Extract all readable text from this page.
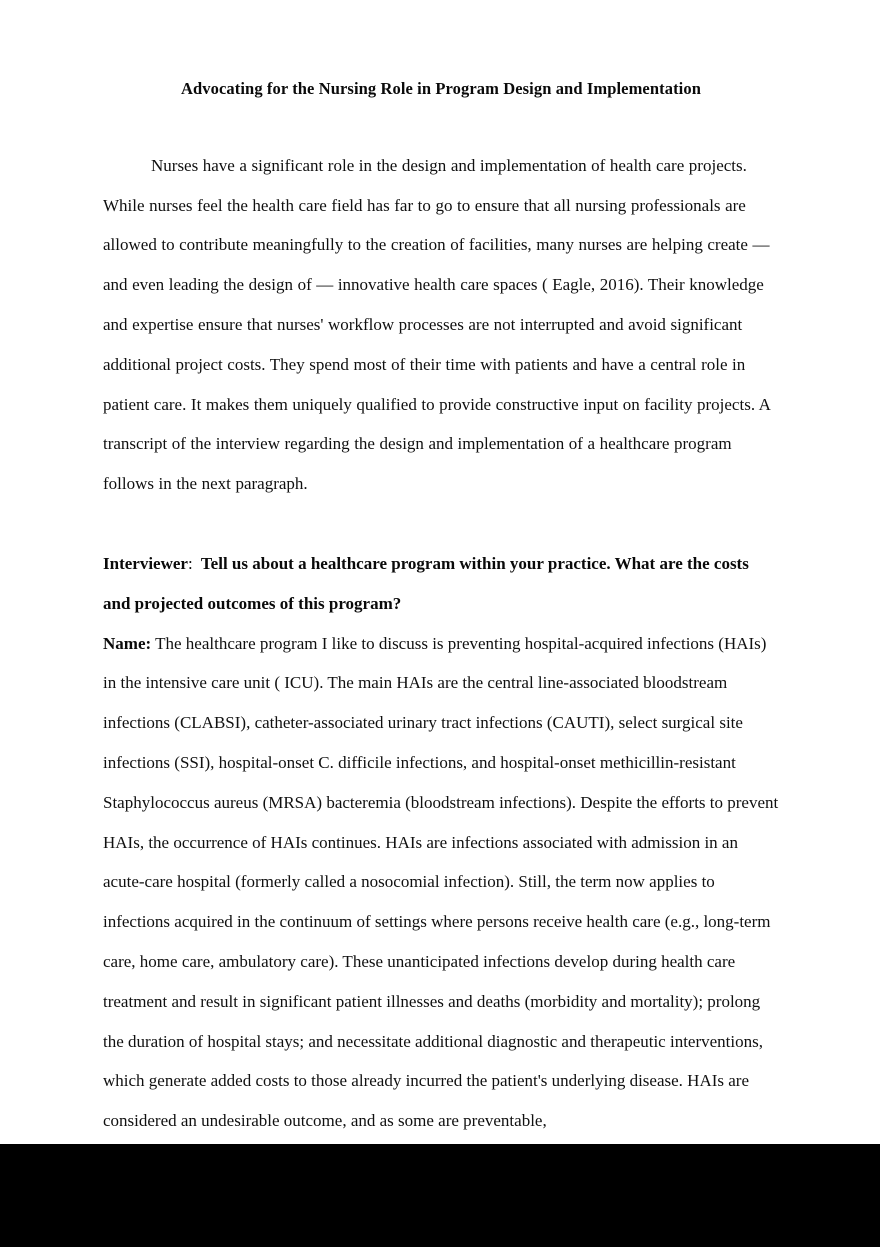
Advocating for the Nursing Role in Program Design and Implementation

Nurses have a significant role in the design and implementation of health care projects. While nurses feel the health care field has far to go to ensure that all nursing professionals are allowed to contribute meaningfully to the creation of facilities, many nurses are helping create — and even leading the design of — innovative health care spaces ( Eagle, 2016). Their knowledge and expertise ensure that nurses' workflow processes are not interrupted and avoid significant additional project costs. They spend most of their time with patients and have a central role in patient care. It makes them uniquely qualified to provide constructive input on facility projects. A transcript of the interview regarding the design and implementation of a healthcare program follows in the next paragraph.

Interviewer: Tell us about a healthcare program within your practice. What are the costs and projected outcomes of this program?

Name: The healthcare program I like to discuss is preventing hospital-acquired infections (HAIs) in the intensive care unit ( ICU). The main HAIs are the central line-associated bloodstream infections (CLABSI), catheter-associated urinary tract infections (CAUTI), select surgical site infections (SSI), hospital-onset C. difficile infections, and hospital-onset methicillin-resistant Staphylococcus aureus (MRSA) bacteremia (bloodstream infections). Despite the efforts to prevent HAIs, the occurrence of HAIs continues. HAIs are infections associated with admission in an acute-care hospital (formerly called a nosocomial infection). Still, the term now applies to infections acquired in the continuum of settings where persons receive health care (e.g., long-term care, home care, ambulatory care). These unanticipated infections develop during health care treatment and result in significant patient illnesses and deaths (morbidity and mortality); prolong the duration of hospital stays; and necessitate additional diagnostic and therapeutic interventions, which generate added costs to those already incurred the patient's underlying disease. HAIs are considered an undesirable outcome, and as some are preventable,
